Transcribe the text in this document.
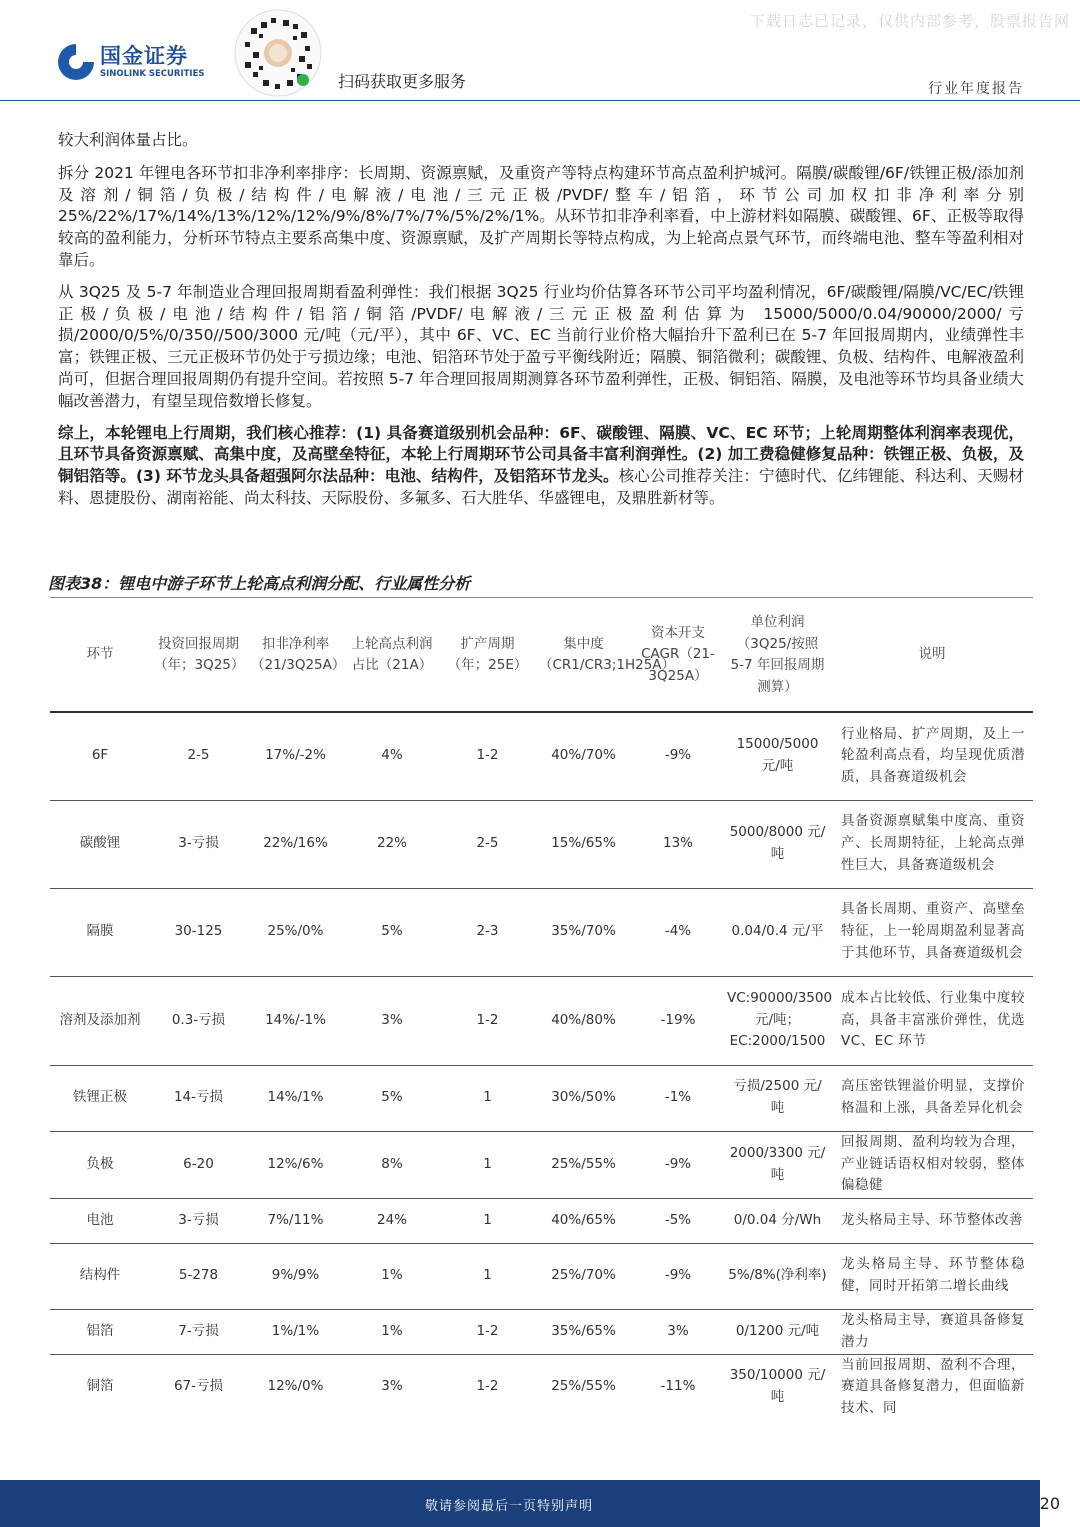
下载日志已记录，仅供内部参考，股票报告网
国金证券
SINOLINK SECURITIES	扫码获取更多服务	行业年度报告

较大利润体量占比。

拆分 2021 年锂电各环节扣非净利率排序：长周期、资源禀赋，及重资产等特点构建环节高点盈利护城河。隔膜/碳酸锂/6F/铁锂正极/添加剂及溶剂/铜箔/负极/结构件/电解液/电池/三元正极/PVDF/整车/铝箔，环节公司加权扣非净利率分别 25%/22%/17%/14%/13%/12%/12%/9%/8%/7%/7%/5%/2%/1%。从环节扣非净利率看，中上游材料如隔膜、碳酸锂、6F、正极等取得较高的盈利能力，分析环节特点主要系高集中度、资源禀赋，及扩产周期长等特点构成，为上轮高点景气环节，而终端电池、整车等盈利相对靠后。

从 3Q25 及 5-7 年制造业合理回报周期看盈利弹性：我们根据 3Q25 行业均价估算各环节公司平均盈利情况，6F/碳酸锂/隔膜/VC/EC/铁锂正极/负极/电池/结构件/铝箔/铜箔/PVDF/电解液/三元正极盈利估算为 15000/5000/0.04/90000/2000/亏损/2000/0/5%/0/350//500/3000 元/吨（元/平），其中 6F、VC、EC 当前行业价格大幅抬升下盈利已在 5-7 年回报周期内，业绩弹性丰富；铁锂正极、三元正极环节仍处于亏损边缘；电池、铝箔环节处于盈亏平衡线附近；隔膜、铜箔微利；碳酸锂、负极、结构件、电解液盈利尚可，但据合理回报周期仍有提升空间。若按照 5-7 年合理回报周期测算各环节盈利弹性，正极、铜铝箔、隔膜，及电池等环节均具备业绩大幅改善潜力，有望呈现倍数增长修复。

综上，本轮锂电上行周期，我们核心推荐：(1) 具备赛道级别机会品种：6F、碳酸锂、隔膜、VC、EC 环节；上轮周期整体利润率表现优，且环节具备资源禀赋、高集中度，及高壁垒特征，本轮上行周期环节公司具备丰富利润弹性。(2) 加工费稳健修复品种：铁锂正极、负极，及铜铝箔等。(3) 环节龙头具备超强阿尔法品种：电池、结构件，及铝箔环节龙头。核心公司推荐关注：宁德时代、亿纬锂能、科达利、天赐材料、恩捷股份、湖南裕能、尚太科技、天际股份、多氟多、石大胜华、华盛锂电，及鼎胜新材等。

图表38：锂电中游子环节上轮高点利润分配、行业属性分析
环节	投资回报周期（年；3Q25）	扣非净利率（21/3Q25A）	上轮高点利润占比（21A）	扩产周期（年；25E）	集中度（CR1/CR3;1H25A）	资本开支CAGR（21-3Q25A）	单位利润（3Q25/按照 5-7 年回报周期测算）	说明
6F	2-5	17%/-2%	4%	1-2	40%/70%	-9%	15000/5000 元/吨	行业格局、扩产周期，及上一轮盈利高点看，均呈现优质潜质，具备赛道级机会
碳酸锂	3-亏损	22%/16%	22%	2-5	15%/65%	13%	5000/8000 元/吨	具备资源禀赋集中度高、重资产、长周期特征，上轮高点弹性巨大，具备赛道级机会
隔膜	30-125	25%/0%	5%	2-3	35%/70%	-4%	0.04/0.4 元/平	具备长周期、重资产、高壁垒特征，上一轮周期盈利显著高于其他环节，具备赛道级机会
溶剂及添加剂	0.3-亏损	14%/-1%	3%	1-2	40%/80%	-19%	VC:90000/3500 元/吨；EC:2000/1500	成本占比较低、行业集中度较高，具备丰富涨价弹性，优选 VC、EC 环节
铁锂正极	14-亏损	14%/1%	5%	1	30%/50%	-1%	亏损/2500 元/吨	高压密铁锂溢价明显，支撑价格温和上涨，具备差异化机会
负极	6-20	12%/6%	8%	1	25%/55%	-9%	2000/3300 元/吨	回报周期、盈利均较为合理，产业链话语权相对较弱，整体偏稳健
电池	3-亏损	7%/11%	24%	1	40%/65%	-5%	0/0.04 分/Wh	龙头格局主导、环节整体改善
结构件	5-278	9%/9%	1%	1	25%/70%	-9%	5%/8%(净利率)	龙头格局主导、环节整体稳健，同时开拓第二增长曲线
铝箔	7-亏损	1%/1%	1%	1-2	35%/65%	3%	0/1200 元/吨	龙头格局主导，赛道具备修复潜力
铜箔	67-亏损	12%/0%	3%	1-2	25%/55%	-11%	350/10000 元/吨	当前回报周期、盈利不合理，赛道具备修复潜力，但面临新技术、同
敬请参阅最后一页特别声明	20
